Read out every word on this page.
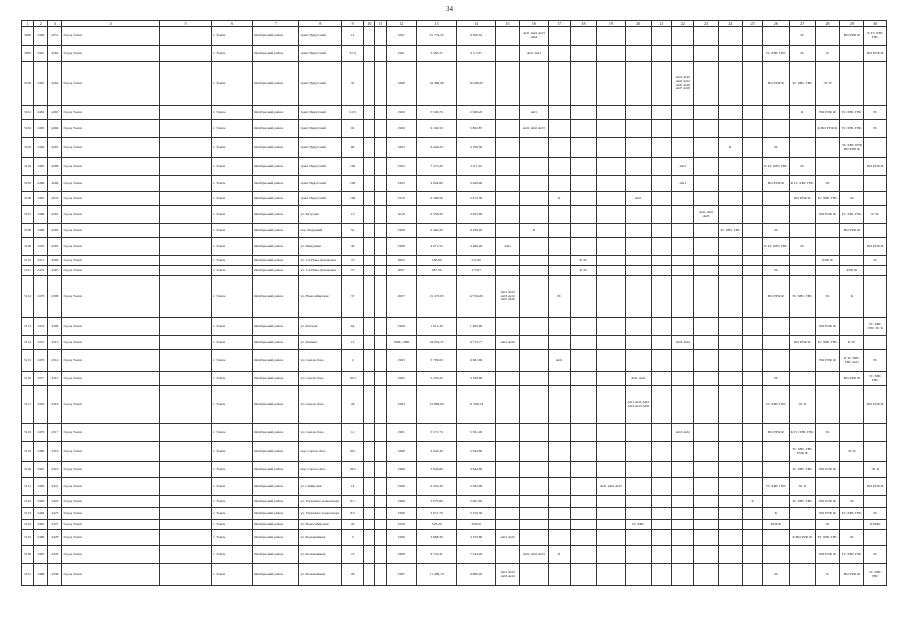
34
1	2	3	4	5	6	7	8	9	10	11	12	13	14	15	16	17	18	19	20	21	22	23	24	25	26	27	28	29	30
5090	2449	4251	Город Томск		г. Томск	Октябрьский район	тракт Иркутский	12			1991	61 754,52	9 509,52		АО1 АО2 АО3 АО4											ЗС		ВО РУФ Ф	К ТС ХВС ГВС
5095	2461	4262	Город Томск		г. Томск	Октябрьский район	тракт Иркутский	37/4			1991	5 565,37	6 5 7,67		АО1 АО2										ТС ХВС ГВС	ЗС	К		ВО РУФ Ф
5100	2461	4264	Город Томск		г. Томск	Октябрьский район	тракт Иркутский	32			1986	19 480,90	16 596,67								АО1 АО2 АО3 АО4 АО5 АО6 АО7 АО8				ВО РУФ Ф	ТС ХВС ГВС	ЭС Й		
5101	2462	4265	Город Томск		г. Томск	Октябрьский район	тракт Иркутский	41/3			1990	5 526,76	2 568,26		АО1											К	ВО РУФ Ф	ТС ХВС ГВС	ЭС
5102	2465	4266	Город Томск		г. Томск	Октябрьский район	тракт Иркутский	92			1990	9 104,50	5 802,87		АО1 АО2 АО3												К ВО РУФ Ф	ТС ХВС ГВС	ЭС
5103	2464	4267	Город Томск		г. Томск	Октябрьский район	тракт Иркутский	96			1993	6 426,20	4 186,50										К		ЭС			ЭС ХВС РУФ ВО РУФ Ф	
5104	2465	4268	Город Томск		г. Томск	Октябрьский район	тракт Иркутский	100			1992	7 575,20	5 6 7,20								АО1				К ТС ХВС ГВС	ЭС			ВО РУФ Ф
5105	2466	4269	Город Томск		г. Томск	Октябрьский район	тракт Иркутский	109			1993	4 824,80	3 649,90								АО1				ВО РУФ Ф	К ТС ХВС ГВС	ЭС		
5106	2467	4270	Город Томск		г. Томск	Октябрьский район	тракт Иркутский	106			1979	6 366,50	5 472,30			К			АО1							ВО РУФ Ф	ТС ХВС ГВС	ЭС	
5107	2468	4291	Город Томск		г. Томск	Октябрьский район	ул. Кутузова	15			2016	6 558,20	3 055,80									АО1 АО2 АО3					ВО РУФ Ф	ТС ХВС ГВС	К ЭС
5108	2469	4292	Город Томск		г. Томск	Октябрьский район	пер. Кедровый	52			1989	9 482,20	9 198,20		К								ТС ХВС ГВС		ЭС			ВО РУФ Ф	
5109	2470	4295	Город Томск		г. Томск	Октябрьский район	ул. Мичурина	46			1988	4 671,52	4 286,40	АО1											К ТС ХВС ГВС	ЭС			ВО РУФ Ф
5110	2471	4306	Город Томск		г. Томск	Октябрьский район	ул. 1-й Ново-Деповская	73			2005	180,60	211,00				К ЭС										РУФ Ф		ЭС
5111	2472	4307	Город Томск		г. Томск	Октябрьский район	ул. 1-й Ново-Деповская	73			2007	287,50	175,67				К ЭС								ЭС			РУФ Ф	
5112	2473	4308	Город Томск		г. Томск	Октябрьский район	ул. Новосибирская	37			2007	15 473,65	12 704,65	АО1 АО2 АО3 АО4 АО5 АО6		ЭС									ВО РУФ Ф	ТС ХВС ГВС	ЭС	К	
5113	2474	4309	Город Томск		г. Томск	Октябрьский район	ул. Рабочая	64			1990	1 811,40	1 400,60														ВО РУФ Ф		ТС ХВС ГВС ЭС К
5114	2475	4313	Город Томск		г. Томск	Октябрьский район	ул. Ячменя	12			1984, 1986	19 055,37	8 773,77	АО1 АО2							АО3 АО4					ВО РУФ Ф	ТС ХВС ГВС	К ЭС	
5115	2476	4314	Город Томск		г. Томск	Октябрьский район	ул. Сергея Лазо	4			1995	5 709,69	6 661,69			АО1											ВО РУФ Ф	К ТС ХВС ГВС АО1	ЭС
5116	2477	4315	Город Томск		г. Томск	Октябрьский район	ул. Сергея Лазо	16/3			1992	5 250,20	4 339,89						АО1 АО2						ЭС			ВО РУФ Ф	ТС ХВС ГВС
5117	2478	4316	Город Томск		г. Томск	Октябрьский район	ул. Сергея Лазо	28			1984	12 889,00	11 306,54						АО1 АО2 АО3 АО4 АО5 АО6						ТС ХВС ГВС	ЭС К			ВО РУФ Ф
5118	2479	4317	Город Томск		г. Томск	Октябрьский район	ул. Сергея Лазо	12			1981	5 571,70	5 591,40								АО1 АО2				ВО РУФ Ф	К ТС ХВС ГВС	ЭС		
5119	2480	4318	Город Томск		г. Томск	Октябрьский район	пер. Сергея Лазо	18/1			1986	3 924,40	2 642,80													ТС ХВС ГВС РУФ Ф		ЭС К	
5120	2481	4319	Город Томск		г. Томск	Октябрьский район	пер. Сергея Лазо	18/2			1986	3 924,80	2 642,80													ТС ХВС ГВС	ВО РУФ Ф		ЭС К
5121	2482	4321	Город Томск		г. Томск	Октябрьский район	ул. Сибирская	14			1996	6 452,40	5 562,90					АО1 АО2 АО3							ТС ХВС ГВС	ЭС К			ВО РУФ Ф
5122	2483	4322	Город Томск		г. Томск	Октябрьский район	ул. Угрюмова Александра	6/1			1986	5 075,80	5 061,82											К		ТС ХВС ГВС	ВО РУФ Ф	ЭС	
5123	2484	4323	Город Томск		г. Томск	Октябрьский район	ул. Угрюмова Александра	6/2			1988	5 071,70	2 276,30												К		ВО РУФ Ф	ТС ХВС ГВС	ЭС
5124	2485	4327	Город Томск		г. Томск	Октябрьский район	ул. Новосибирская	29			1958	578,20	358,50						ТС ХВС						РУФ Ф		ЭС		К НОК
5125	2486	4328	Город Томск		г. Томск	Октябрьский район	ул. Большевиков	3			1989	5 868,30	4 723,80	АО1 АО2												К ВО РУФ Ф	ТС ХВС ГВС	ЭС	
5126	2487	4329	Город Томск		г. Томск	Октябрьский район	ул. Большевиков	72			1988	8 745,41	7 534,20		АО1 АО2 АО3	К											ВО РУФ Ф	ТС ХВС ГВС	ЭС
5127	2488	4330	Город Томск		г. Томск	Октябрьский район	ул. Большевиков	28			1987	11 289,70	9 980,20	АО1 АО2 АО3 АО4											ЭС		К	ВО РУФ Ф	ТС ХВС ГВС
